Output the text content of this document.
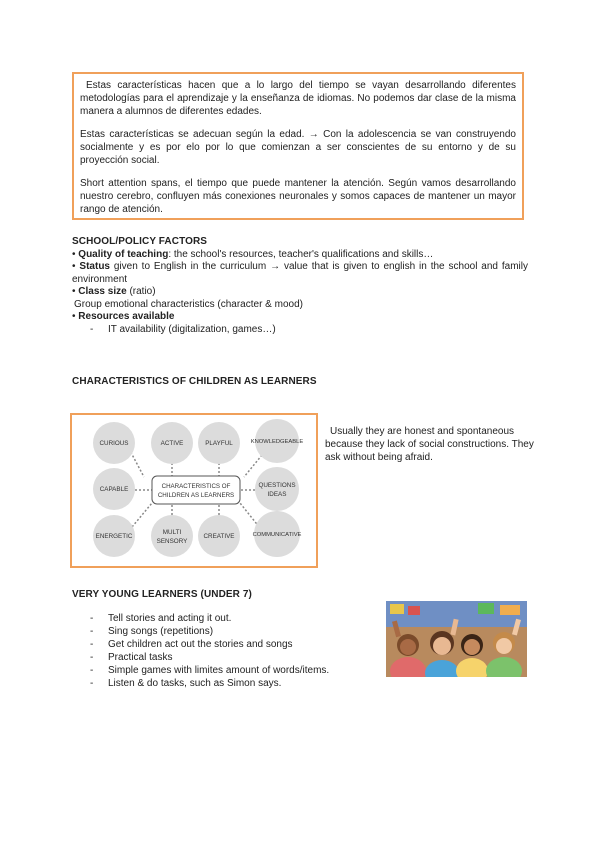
Estas características hacen que a lo largo del tiempo se vayan desarrollando diferentes metodologías para el aprendizaje y la enseñanza de idiomas. No podemos dar clase de la misma manera a alumnos de diferentes edades.

Estas características se adecuan según la edad. → Con la adolescencia se van construyendo socialmente y es por elo por lo que comienzan a ser conscientes de su entorno y de su proyección social.

Short attention spans, el tiempo que puede mantener la atención. Según vamos desarrollando nuestro cerebro, confluyen más conexiones neuronales y somos capaces de mantener un mayor rango de atención.

SCHOOL/POLICY FACTORS
• Quality of teaching: the school's resources, teacher's qualifications and skills…
• Status given to English in the curriculum → value that is given to english in the school and family environment
• Class size (ratio)
Group emotional characteristics (character & mood)
• Resources available
- IT availability (digitalization, games…)
CHARACTERISTICS OF CHILDREN AS LEARNERS
CHARACTERISTICS OF
CHILDREN AS LEARNERS
CURIOUS	ACTIVE	PLAYFUL	KNOWLEDGEABLE
CAPABLE
QUESTIONS
IDEAS
ENERGETIC
MULTI
SENSORY
CREATIVE	COMMUNICATIVE
Usually they are honest and spontaneous because they lack of social constructions. They ask without being afraid.
VERY YOUNG LEARNERS (UNDER 7)
- Tell stories and acting it out.
- Sing songs (repetitions)
- Get children act out the stories and songs
- Practical tasks
- Simple games with limites amount of words/items.
- Listen & do tasks, such as Simon says.
